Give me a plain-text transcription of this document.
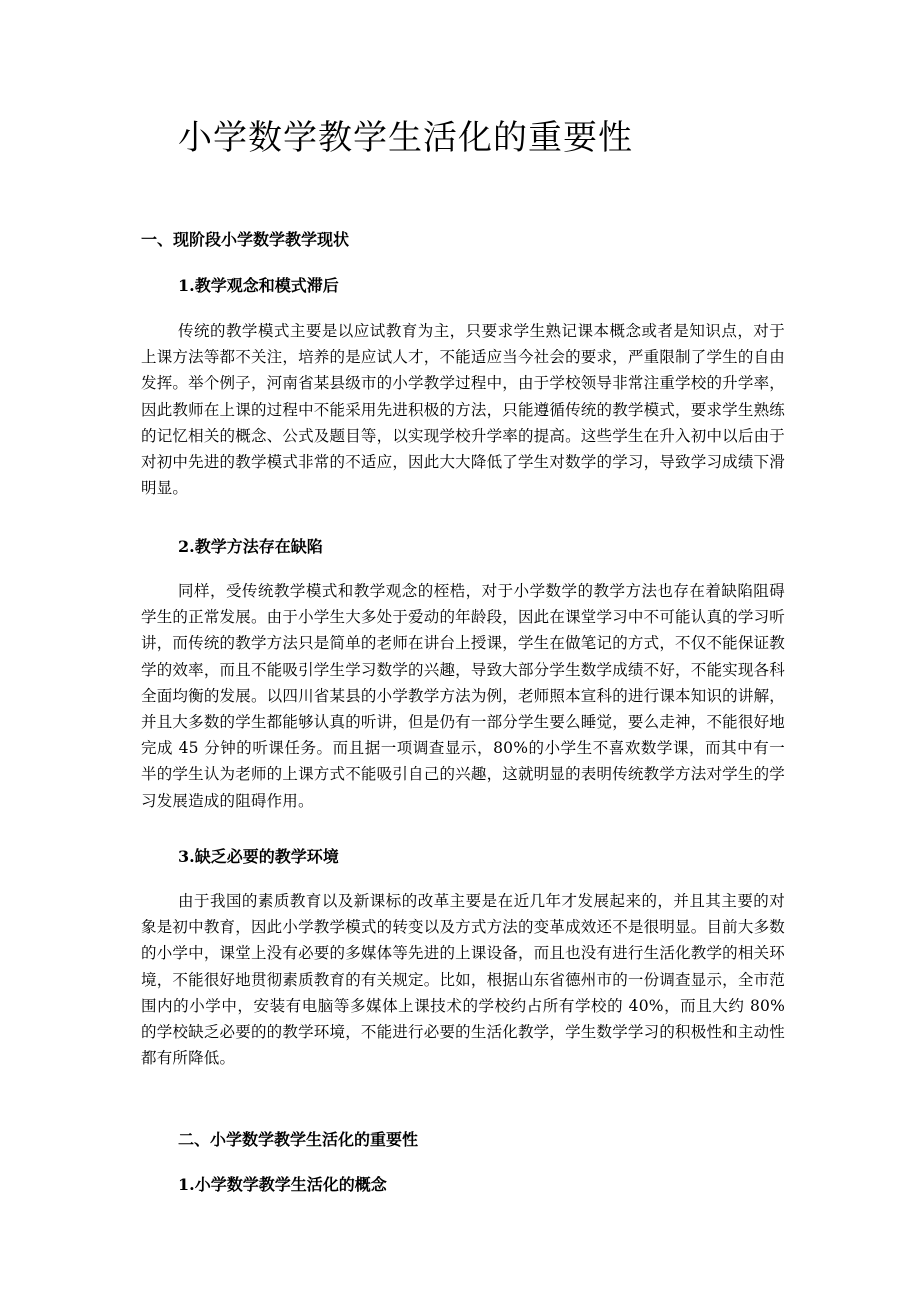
小学数学教学生活化的重要性
一、现阶段小学数学教学现状
1.教学观念和模式滞后

传统的教学模式主要是以应试教育为主，只要求学生熟记课本概念或者是知识点，对于上课方法等都不关注，培养的是应试人才，不能适应当今社会的要求，严重限制了学生的自由发挥。举个例子，河南省某县级市的小学教学过程中，由于学校领导非常注重学校的升学率，因此教师在上课的过程中不能采用先进积极的方法，只能遵循传统的教学模式，要求学生熟练的记忆相关的概念、公式及题目等，以实现学校升学率的提高。这些学生在升入初中以后由于对初中先进的教学模式非常的不适应，因此大大降低了学生对数学的学习，导致学习成绩下滑明显。

2.教学方法存在缺陷

同样，受传统教学模式和教学观念的桎梏，对于小学数学的教学方法也存在着缺陷阻碍学生的正常发展。由于小学生大多处于爱动的年龄段，因此在课堂学习中不可能认真的学习听讲，而传统的教学方法只是简单的老师在讲台上授课，学生在做笔记的方式，不仅不能保证教学的效率，而且不能吸引学生学习数学的兴趣，导致大部分学生数学成绩不好，不能实现各科全面均衡的发展。以四川省某县的小学教学方法为例，老师照本宣科的进行课本知识的讲解，并且大多数的学生都能够认真的听讲，但是仍有一部分学生要么睡觉，要么走神，不能很好地完成 45 分钟的听课任务。而且据一项调查显示，80%的小学生不喜欢数学课，而其中有一半的学生认为老师的上课方式不能吸引自己的兴趣，这就明显的表明传统教学方法对学生的学习发展造成的阻碍作用。

3.缺乏必要的教学环境

由于我国的素质教育以及新课标的改革主要是在近几年才发展起来的，并且其主要的对象是初中教育，因此小学教学模式的转变以及方式方法的变革成效还不是很明显。目前大多数的小学中，课堂上没有必要的多媒体等先进的上课设备，而且也没有进行生活化教学的相关环境，不能很好地贯彻素质教育的有关规定。比如，根据山东省德州市的一份调查显示，全市范围内的小学中，安装有电脑等多媒体上课技术的学校约占所有学校的 40%，而且大约 80%的学校缺乏必要的的教学环境，不能进行必要的生活化教学，学生数学学习的积极性和主动性都有所降低。

二、小学数学教学生活化的重要性
1.小学数学教学生活化的概念
